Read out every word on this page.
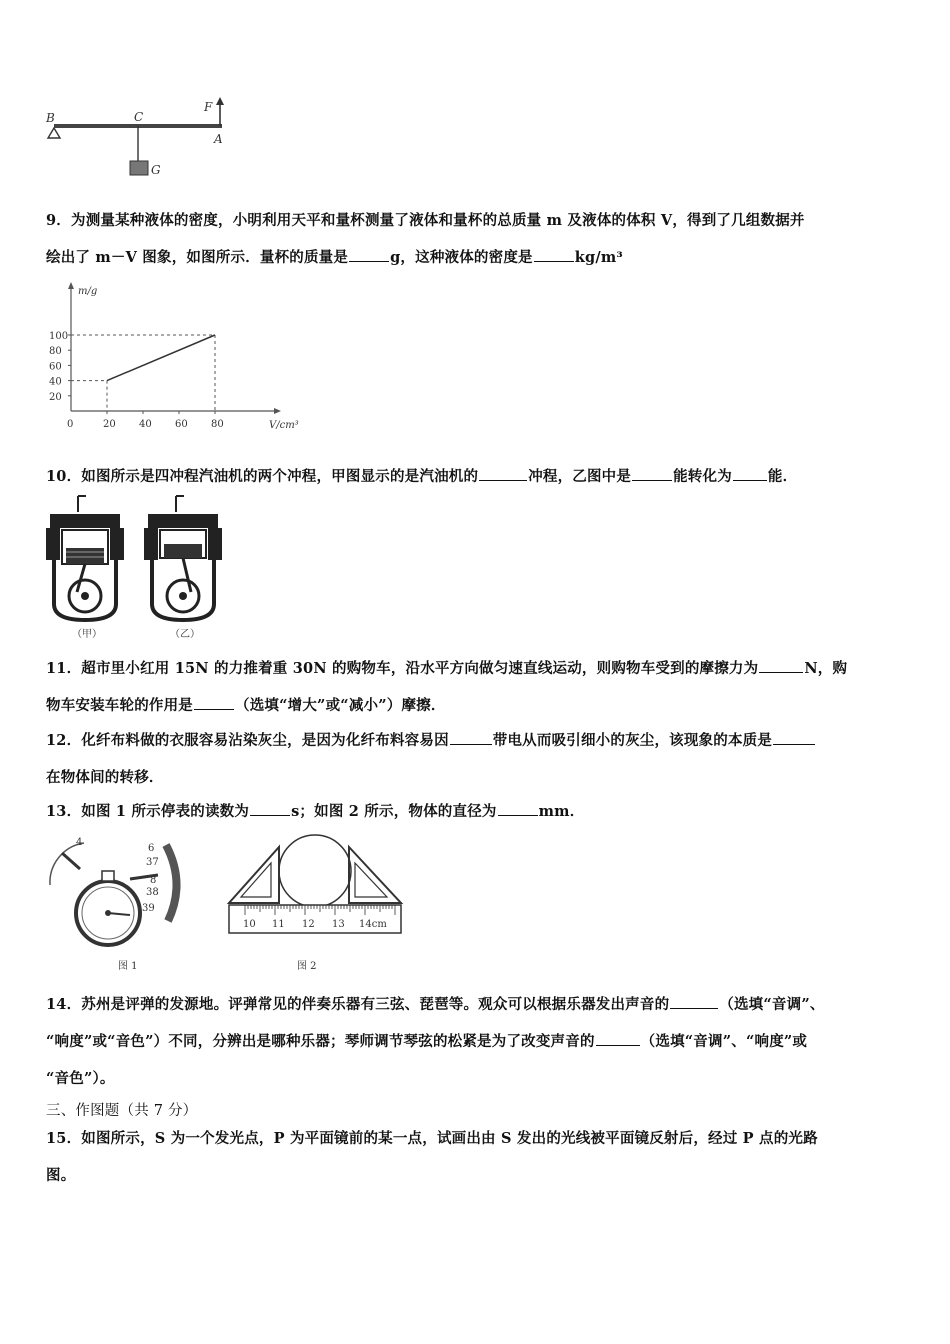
B	C
F
A
G
9．为测量某种液体的密度，小明利用天平和量杯测量了液体和量杯的总质量 m 及液体的体积 V，得到了几组数据并
绘出了 m－V 图象，如图所示．量杯的质量是	g，这种液体的密度是	kg/m³
100
80
60
40
20
0	20 40 60 80
m/g
V/cm³
10．如图所示是四冲程汽油机的两个冲程，甲图显示的是汽油机的	冲程，乙图中是	能转化为 能．
（甲）	（乙）
11．超市里小红用 15N 的力推着重 30N 的购物车，沿水平方向做匀速直线运动，则购物车受到的摩擦力为	N，购
物车安装车轮的作用是	（选填“增大”或“减小”）摩擦．
12．化纤布料做的衣服容易沾染灰尘，是因为化纤布料容易因	带电从而吸引细小的灰尘，该现象的本质是
在物体间的转移．
13．如图 1 所示停表的读数为	s；如图 2 所示，物体的直径为	mm．
4
6
37
8
38
39
图 1
10 11 12 13 14cm
图 2
14．苏州是评弹的发源地。评弹常见的伴奏乐器有三弦、琵琶等。观众可以根据乐器发出声音的	（选填“音调”、
“响度”或“音色”）不同，分辨出是哪种乐器；琴师调节琴弦的松紧是为了改变声音的	（选填“音调”、“响度”或
“音色”）。
三、作图题（共 7 分）
15．如图所示，S 为一个发光点，P 为平面镜前的某一点，试画出由 S 发出的光线被平面镜反射后，经过 P 点的光路
图。
